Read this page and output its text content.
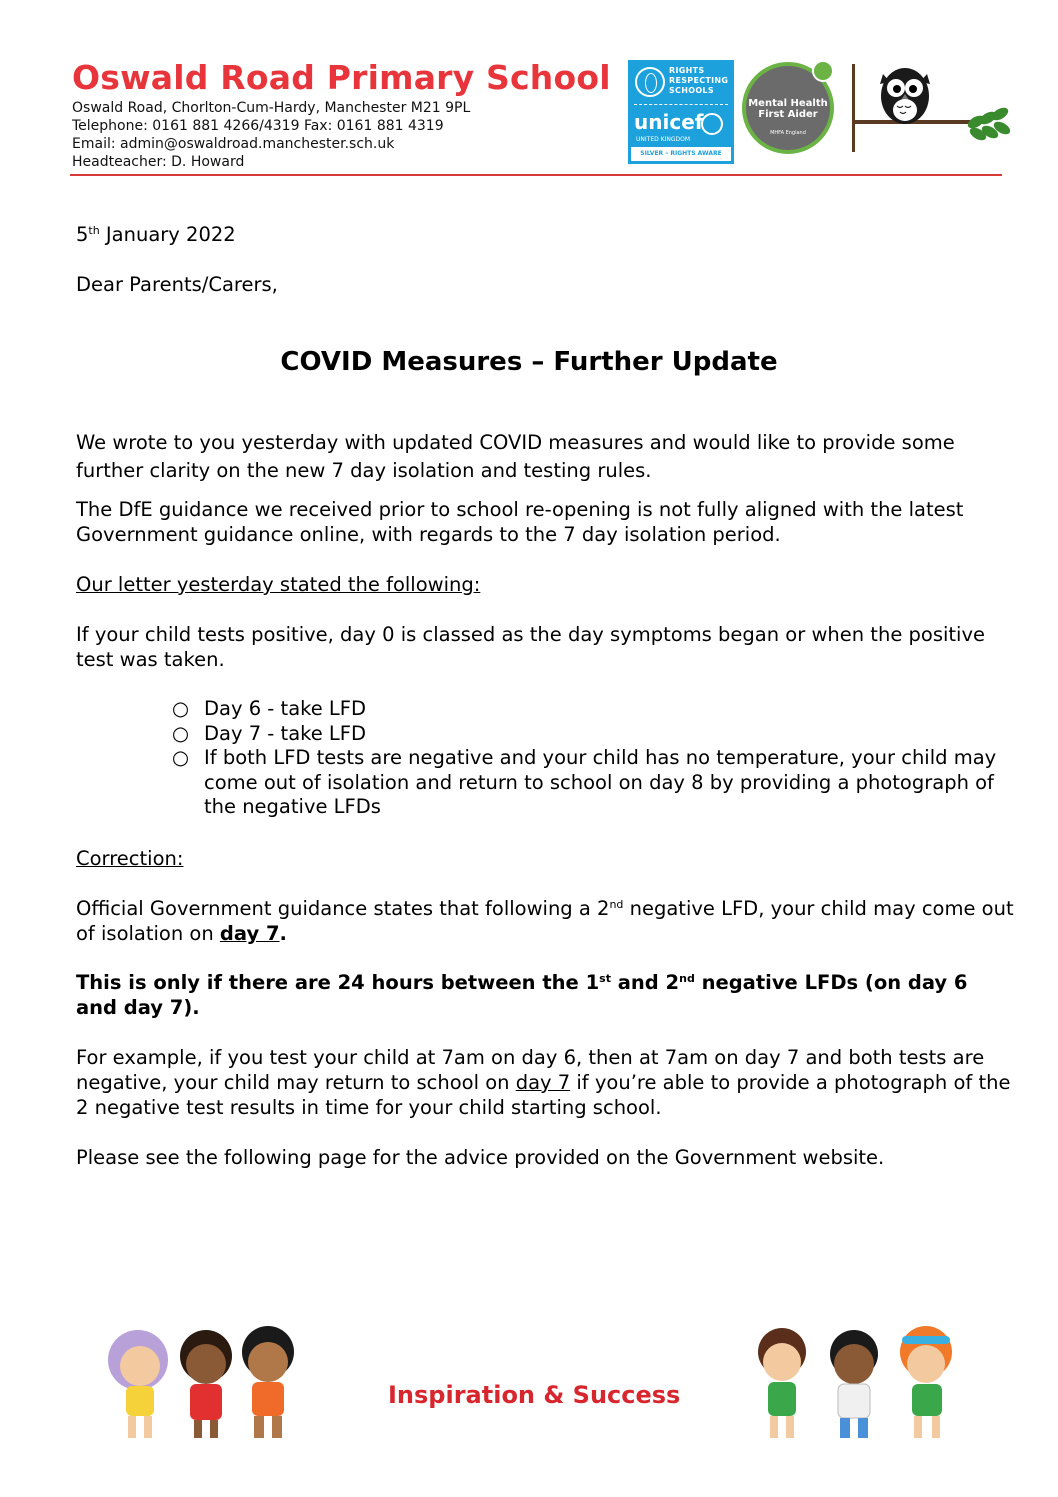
Oswald Road Primary School
Oswald Road, Chorlton-Cum-Hardy, Manchester M21 9PL
Telephone: 0161 881 4266/4319 Fax: 0161 881 4319
Email: admin@oswaldroad.manchester.sch.uk
Headteacher: D. Howard
RIGHTS RESPECTING SCHOOLS
unicef
UNITED KINGDOM
SILVER – RIGHTS AWARE
Mental Health First Aider
MHFA England

5th January 2022

Dear Parents/Carers,

COVID Measures – Further Update

We wrote to you yesterday with updated COVID measures and would like to provide some

further clarity on the new 7 day isolation and testing rules.

The DfE guidance we received prior to school re-opening is not fully aligned with the latest

Government guidance online, with regards to the 7 day isolation period.

Our letter yesterday stated the following:

If your child tests positive, day 0 is classed as the day symptoms began or when the positive

test was taken.

○ Day 6 - take LFD
○ Day 7 - take LFD
○ If both LFD tests are negative and your child has no temperature, your child may
come out of isolation and return to school on day 8 by providing a photograph of
the negative LFDs

Correction:

Official Government guidance states that following a 2nd negative LFD, your child may come out

of isolation on day 7.

This is only if there are 24 hours between the 1st and 2nd negative LFDs (on day 6

and day 7).

For example, if you test your child at 7am on day 6, then at 7am on day 7 and both tests are

negative, your child may return to school on day 7 if you’re able to provide a photograph of the

2 negative test results in time for your child starting school.

Please see the following page for the advice provided on the Government website.

Inspiration & Success
